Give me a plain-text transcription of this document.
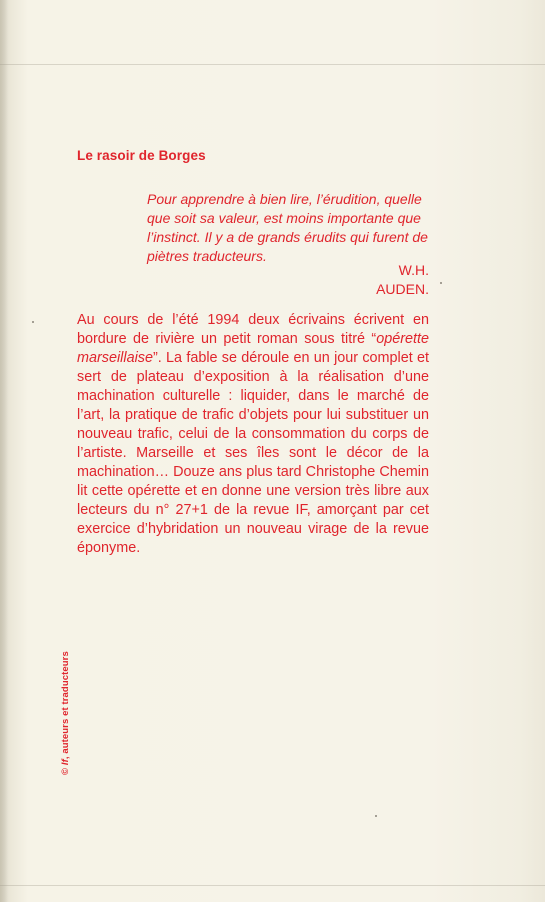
Le rasoir de Borges
Pour apprendre à bien lire, l’érudition, quelle que soit sa valeur, est moins importante que l’instinct. Il y a de grands érudits qui furent de piètres traducteurs.
W.H. AUDEN.
Au cours de l’été 1994 deux écrivains écrivent en bordure de rivière un petit roman sous titré “opérette marseillaise”. La fable se déroule en un jour complet et sert de plateau d’exposition à la réalisation d’une machination culturelle : liquider, dans le marché de l’art, la pratique de trafic d’objets pour lui substituer un nouveau trafic, celui de la consommation du corps de l’artiste. Marseille et ses îles sont le décor de la machination… Douze ans plus tard Christophe Chemin lit cette opérette et en donne une version très libre aux lecteurs du n° 27+1 de la revue IF, amorçant par cet exercice d’hybridation un nouveau virage de la revue éponyme.
© If, auteurs et traducteurs
